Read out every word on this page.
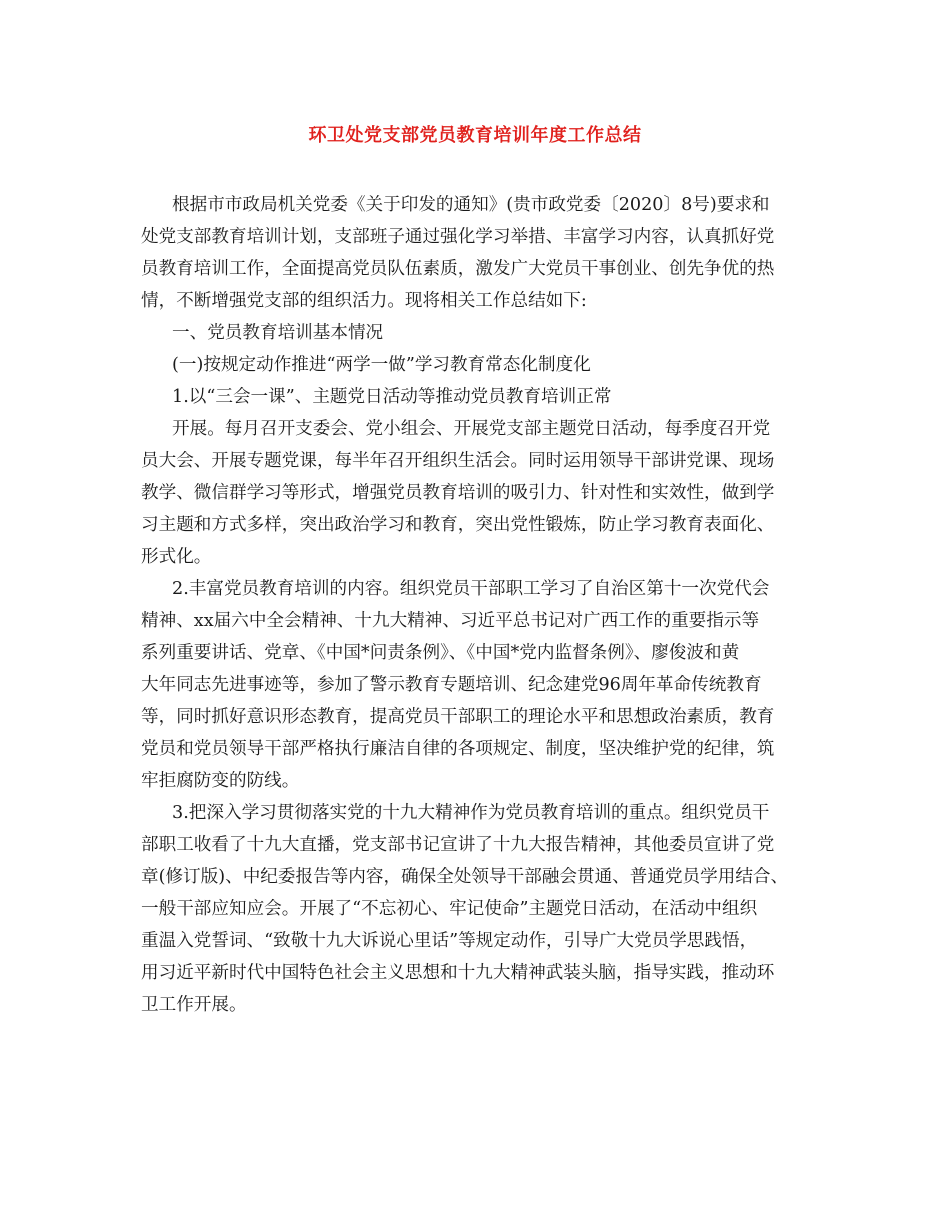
环卫处党支部党员教育培训年度工作总结
根据市市政局机关党委《关于印发的通知》(贵市政党委〔2020〕8号)要求和
处党支部教育培训计划，支部班子通过强化学习举措、丰富学习内容，认真抓好党
员教育培训工作，全面提高党员队伍素质，激发广大党员干事创业、创先争优的热
情，不断增强党支部的组织活力。现将相关工作总结如下:
一、党员教育培训基本情况
(一)按规定动作推进“两学一做”学习教育常态化制度化
1.以“三会一课”、主题党日活动等推动党员教育培训正常
开展。每月召开支委会、党小组会、开展党支部主题党日活动，每季度召开党
员大会、开展专题党课，每半年召开组织生活会。同时运用领导干部讲党课、现场
教学、微信群学习等形式，增强党员教育培训的吸引力、针对性和实效性，做到学
习主题和方式多样，突出政治学习和教育，突出党性锻炼，防止学习教育表面化、
形式化。
2.丰富党员教育培训的内容。组织党员干部职工学习了自治区第十一次党代会
精神、xx届六中全会精神、十九大精神、习近平总书记对广西工作的重要指示等
系列重要讲话、党章、《中国*问责条例》、《中国*党内监督条例》、廖俊波和黄
大年同志先进事迹等，参加了警示教育专题培训、纪念建党96周年革命传统教育
等，同时抓好意识形态教育，提高党员干部职工的理论水平和思想政治素质，教育
党员和党员领导干部严格执行廉洁自律的各项规定、制度，坚决维护党的纪律，筑
牢拒腐防变的防线。
3.把深入学习贯彻落实党的十九大精神作为党员教育培训的重点。组织党员干
部职工收看了十九大直播，党支部书记宣讲了十九大报告精神，其他委员宣讲了党
章(修订版)、中纪委报告等内容，确保全处领导干部融会贯通、普通党员学用结合、
一般干部应知应会。开展了“不忘初心、牢记使命”主题党日活动，在活动中组织
重温入党誓词、“致敬十九大诉说心里话”等规定动作，引导广大党员学思践悟，
用习近平新时代中国特色社会主义思想和十九大精神武装头脑，指导实践，推动环
卫工作开展。
